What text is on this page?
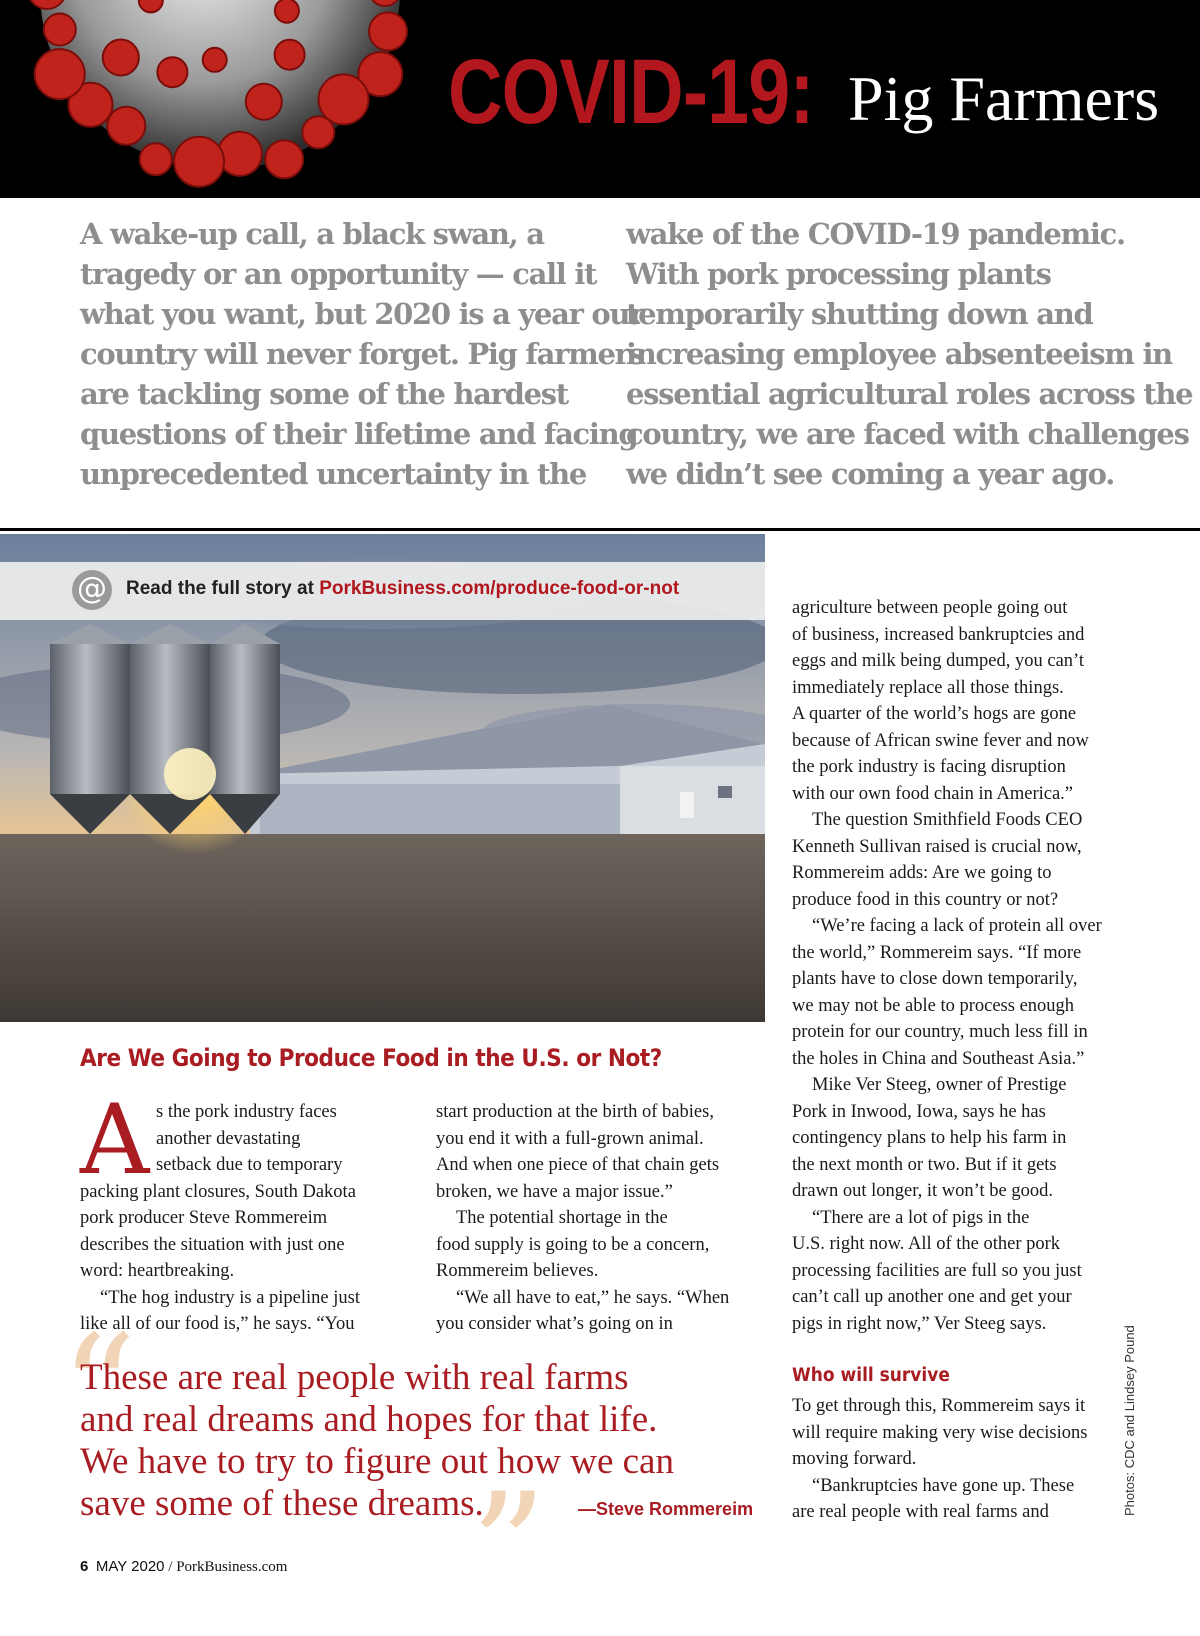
COVID-19: Pig Farmers
A wake-up call, a black swan, a
tragedy or an opportunity — call it
what you want, but 2020 is a year our
country will never forget. Pig farmers
are tackling some of the hardest
questions of their lifetime and facing
unprecedented uncertainty in the
wake of the COVID-19 pandemic.
With pork processing plants
temporarily shutting down and
increasing employee absenteeism in
essential agricultural roles across the
country, we are faced with challenges
we didn’t see coming a year ago.
@ Read the full story at PorkBusiness.com/produce-food-or-not
Are We Going to Produce Food in the U.S. or Not?
A s the pork industry faces

another devastating

setback due to temporary

packing plant closures, South Dakota

pork producer Steve Rommereim

describes the situation with just one

word: heartbreaking.

“The hog industry is a pipeline just

like all of our food is,” he says. “You

start production at the birth of babies,

you end it with a full-grown animal.

And when one piece of that chain gets

broken, we have a major issue.”

The potential shortage in the

food supply is going to be a concern,

Rommereim believes.

“We all have to eat,” he says. “When

you consider what’s going on in

agriculture between people going out

of business, increased bankruptcies and

eggs and milk being dumped, you can’t

immediately replace all those things.

A quarter of the world’s hogs are gone

because of African swine fever and now

the pork industry is facing disruption

with our own food chain in America.”

The question Smithfield Foods CEO

Kenneth Sullivan raised is crucial now,

Rommereim adds: Are we going to

produce food in this country or not?

“We’re facing a lack of protein all over

the world,” Rommereim says. “If more

plants have to close down temporarily,

we may not be able to process enough

protein for our country, much less fill in

the holes in China and Southeast Asia.”

Mike Ver Steeg, owner of Prestige

Pork in Inwood, Iowa, says he has

contingency plans to help his farm in

the next month or two. But if it gets

drawn out longer, it won’t be good.

“There are a lot of pigs in the

U.S. right now. All of the other pork

processing facilities are full so you just

can’t call up another one and get your

pigs in right now,” Ver Steeg says.

Who will survive

To get through this, Rommereim says it

will require making very wise decisions

moving forward.

“Bankruptcies have gone up. These

are real people with real farms and

“
These are real people with real farms
and real dreams and hopes for that life.
We have to try to figure out how we can
save some of these dreams.
” —Steve Rommereim	Photos: CDC and Lindsey Pound
6 MAY 2020 / PorkBusiness.com
